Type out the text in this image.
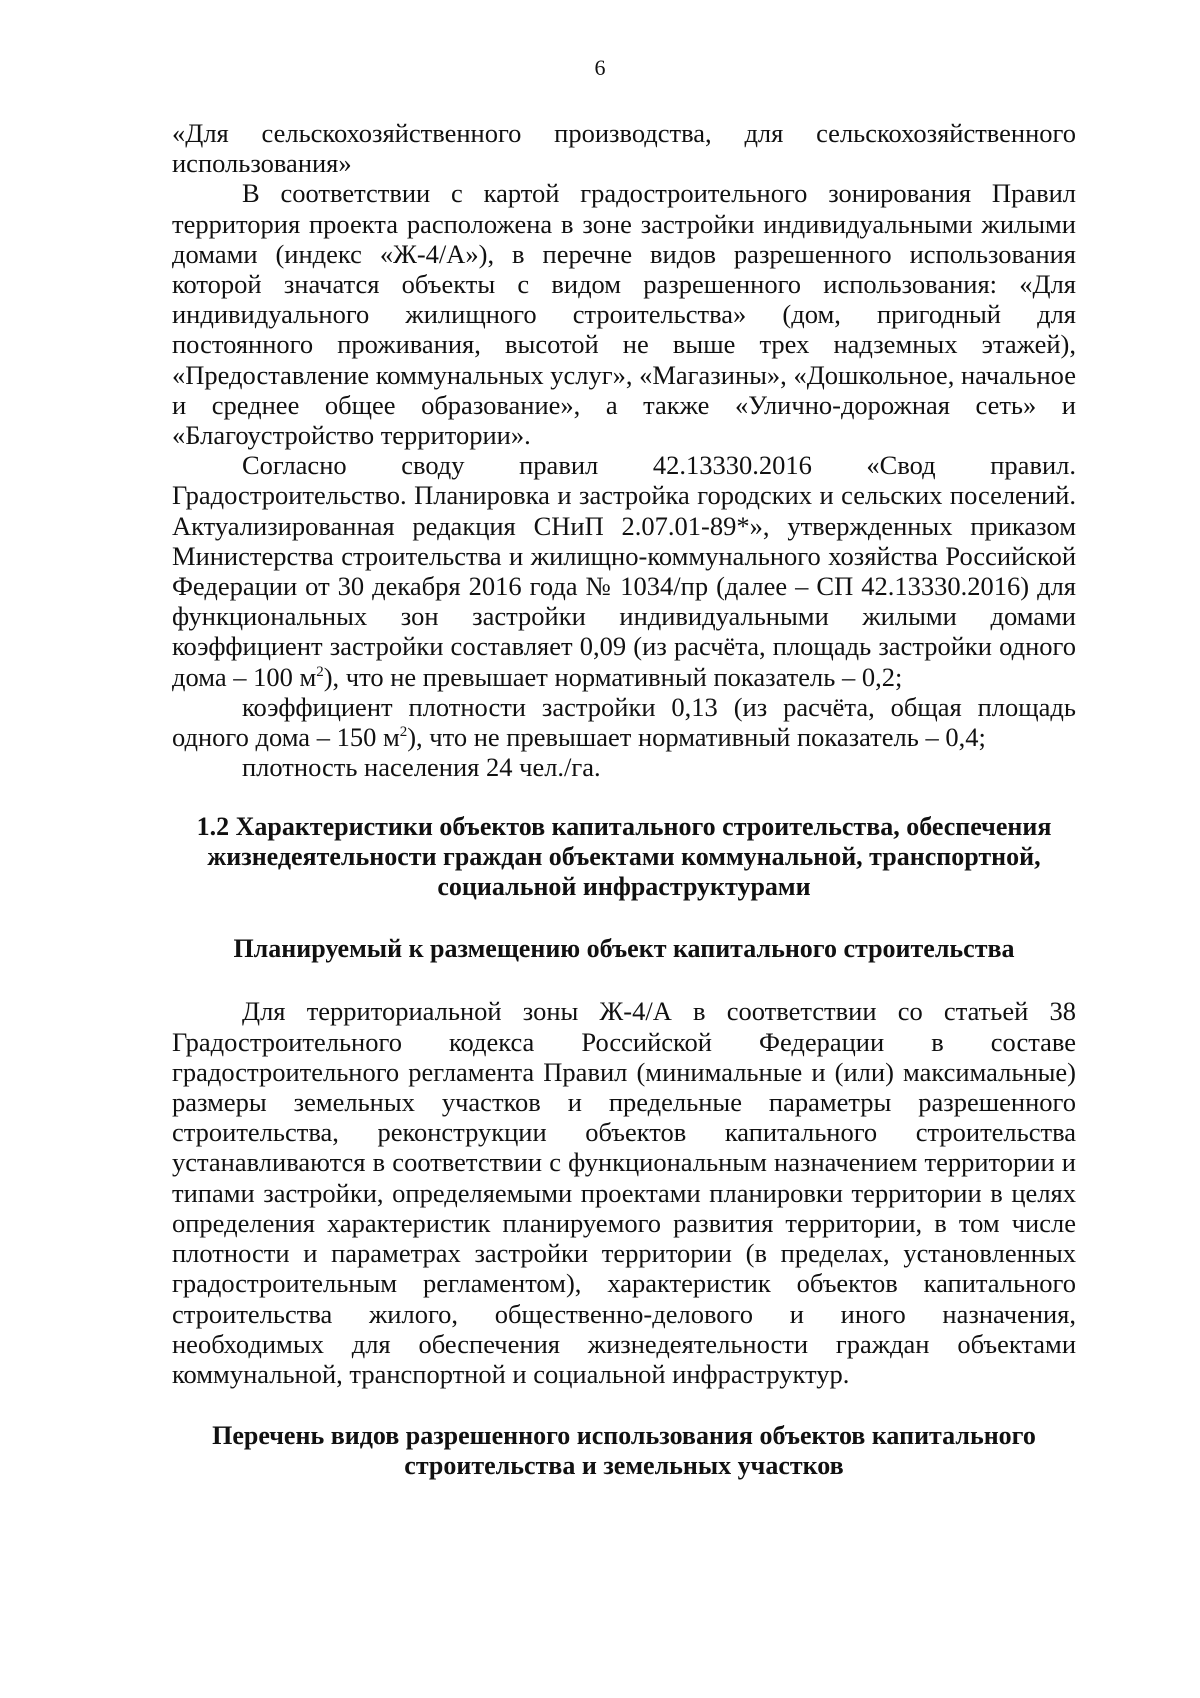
6

«Для сельскохозяйственного производства, для сельскохозяйственного использования»

В соответствии с картой градостроительного зонирования Правил территория проекта расположена в зоне застройки индивидуальными жилыми домами (индекс «Ж-4/А»), в перечне видов разрешенного использования которой значатся объекты с видом разрешенного использования: «Для индивидуального жилищного строительства» (дом, пригодный для постоянного проживания, высотой не выше трех надземных этажей), «Предоставление коммунальных услуг», «Магазины», «Дошкольное, начальное и среднее общее образование», а также «Улично-дорожная сеть» и «Благоустройство территории».

Согласно своду правил 42.13330.2016 «Свод правил. Градостроительство. Планировка и застройка городских и сельских поселений. Актуализированная редакция СНиП 2.07.01-89*», утвержденных приказом Министерства строительства и жилищно-коммунального хозяйства Российской Федерации от 30 декабря 2016 года № 1034/пр (далее – СП 42.13330.2016) для функциональных зон застройки индивидуальными жилыми домами коэффициент застройки составляет 0,09 (из расчёта, площадь застройки одного дома – 100 $м^2$), что не превышает нормативный показатель – 0,2;

коэффициент плотности застройки 0,13 (из расчёта, общая площадь одного дома – 150 $м^2$), что не превышает нормативный показатель – 0,4;

плотность населения 24 чел./га.

1.2 Характеристики объектов капитального строительства, обеспечения жизнедеятельности граждан объектами коммунальной, транспортной, социальной инфраструктурами

Планируемый к размещению объект капитального строительства

Для территориальной зоны Ж-4/А в соответствии со статьей 38 Градостроительного кодекса Российской Федерации в составе градостроительного регламента Правил (минимальные и (или) максимальные) размеры земельных участков и предельные параметры разрешенного строительства, реконструкции объектов капитального строительства устанавливаются в соответствии с функциональным назначением территории и типами застройки, определяемыми проектами планировки территории в целях определения характеристик планируемого развития территории, в том числе плотности и параметрах застройки территории (в пределах, установленных градостроительным регламентом), характеристик объектов капитального строительства жилого, общественно-делового и иного назначения, необходимых для обеспечения жизнедеятельности граждан объектами коммунальной, транспортной и социальной инфраструктур.

Перечень видов разрешенного использования объектов капитального строительства и земельных участков
